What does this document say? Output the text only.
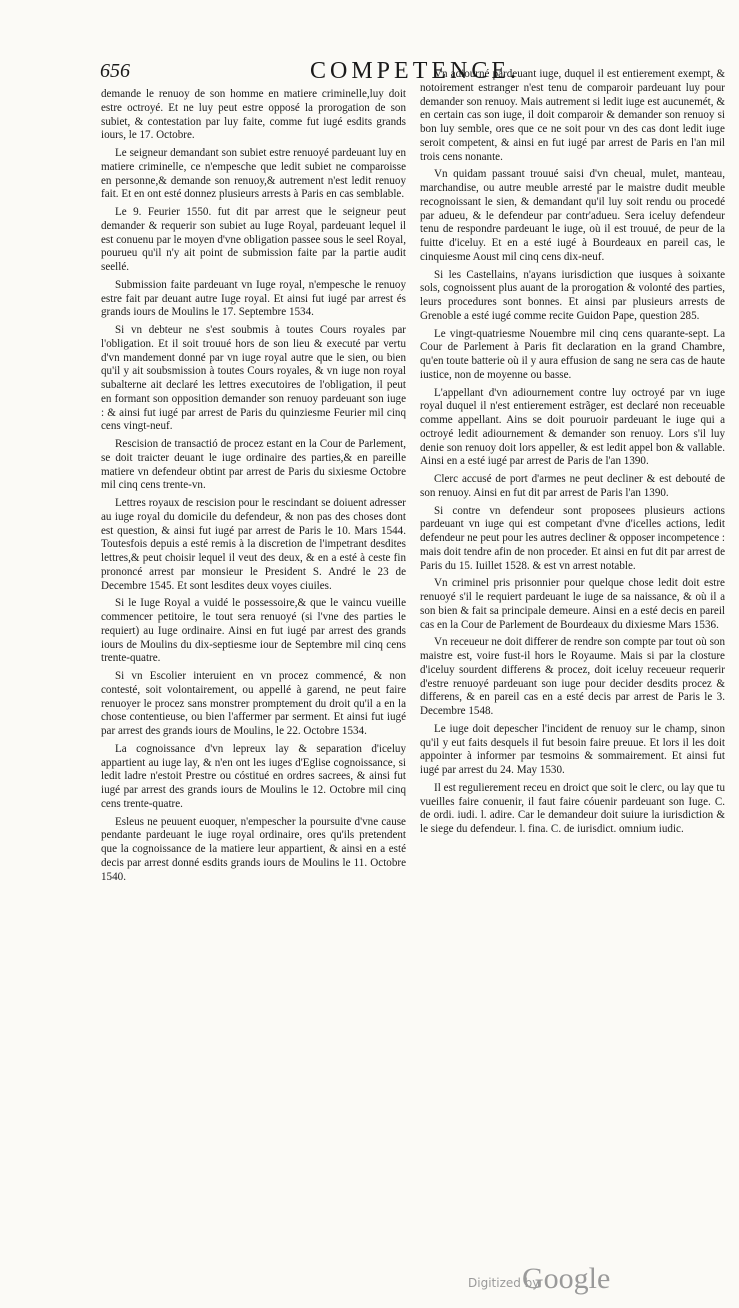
656	COMPETENCE.

demande le renuoy de son homme en matiere criminelle,luy doit estre octroyé. Et ne luy peut estre opposé la prorogation de son subiet, & contestation par luy faite, comme fut iugé esdits grands iours, le 17. Octobre.

Le seigneur demandant son subiet estre renuoyé pardeuant luy en matiere criminelle, ce n'empesche que ledit subiet ne comparoisse en personne,& demande son renuoy,& autrement n'est ledit renuoy fait. Et en ont esté donnez plusieurs arrests à Paris en cas semblable.

Le 9. Feurier 1550. fut dit par arrest que le seigneur peut demander & requerir son subiet au Iuge Royal, pardeuant lequel il est conuenu par le moyen d'vne obligation passee sous le seel Royal, pourueu qu'il n'y ait point de submission faite par la partie audit seellé.

Submission faite pardeuant vn Iuge royal, n'empesche le renuoy estre fait par deuant autre Iuge royal. Et ainsi fut iugé par arrest és grands iours de Moulins le 17. Septembre 1534.

Si vn debteur ne s'est soubmis à toutes Cours royales par l'obligation. Et il soit trouué hors de son lieu & executé par vertu d'vn mandement donné par vn iuge royal autre que le sien, ou bien qu'il y ait soubsmission à toutes Cours royales, & vn iuge non royal subalterne ait declaré les lettres executoires de l'obligation, il peut en formant son opposition demander son renuoy pardeuant son iuge : & ainsi fut iugé par arrest de Paris du quinziesme Feurier mil cinq cens vingt-neuf.

Rescision de transactió de procez estant en la Cour de Parlement, se doit traicter deuant le iuge ordinaire des parties,& en pareille matiere vn defendeur obtint par arrest de Paris du sixiesme Octobre mil cinq cens trente-vn.

Lettres royaux de rescision pour le rescindant se doiuent adresser au iuge royal du domicile du defendeur, & non pas des choses dont est question, & ainsi fut iugé par arrest de Paris le 10. Mars 1544. Toutesfois depuis a esté remis à la discretion de l'impetrant desdites lettres,& peut choisir lequel il veut des deux, & en a esté à ceste fin prononcé arrest par monsieur le President S. André le 23 de Decembre 1545. Et sont lesdites deux voyes ciuiles.

Si le Iuge Royal a vuidé le possessoire,& que le vaincu vueille commencer petitoire, le tout sera renuoyé (si l'vne des parties le requiert) au Iuge ordinaire. Ainsi en fut iugé par arrest des grands iours de Moulins du dix-septiesme iour de Septembre mil cinq cens trente-quatre.

Si vn Escolier interuient en vn procez commencé, & non contesté, soit volontairement, ou appellé à garend, ne peut faire renuoyer le procez sans monstrer promptement du droit qu'il a en la chose contentieuse, ou bien l'affermer par serment. Et ainsi fut iugé par arrest des grands iours de Moulins, le 22. Octobre 1534.

La cognoissance d'vn lepreux lay & separation d'iceluy appartient au iuge lay, & n'en ont les iuges d'Eglise cognoissance, si ledit ladre n'estoit Prestre ou cóstitué en ordres sacrees, & ainsi fut iugé par arrest des grands iours de Moulins le 12. Octobre mil cinq cens trente-quatre.

Esleus ne peuuent euoquer, n'empescher la poursuite d'vne cause pendante pardeuant le iuge royal ordinaire, ores qu'ils pretendent que la cognoissance de la matiere leur appartient, & ainsi en a esté decis par arrest donné esdits grands iours de Moulins le 11. Octobre 1540.

Vn adiourné pardeuant iuge, duquel il est entierement exempt, & notoirement estranger n'est tenu de comparoir pardeuant luy pour demander son renuoy. Mais autrement si ledit iuge est aucunemét, & en certain cas son iuge, il doit comparoir & demander son renuoy si bon luy semble, ores que ce ne soit pour vn des cas dont ledit iuge seroit competent, & ainsi en fut iugé par arrest de Paris en l'an mil trois cens nonante.

Vn quidam passant trouué saisi d'vn cheual, mulet, manteau, marchandise, ou autre meuble arresté par le maistre dudit meuble recognoissant le sien, & demandant qu'il luy soit rendu ou procedé par adueu, & le defendeur par contr'adueu. Sera iceluy defendeur tenu de respondre pardeuant le iuge, où il est trouué, de peur de la fuitte d'iceluy. Et en a esté iugé à Bourdeaux en pareil cas, le cinquiesme Aoust mil cinq cens dix-neuf.

Si les Castellains, n'ayans iurisdiction que iusques à soixante sols, cognoissent plus auant de la prorogation & volonté des parties, leurs procedures sont bonnes. Et ainsi par plusieurs arrests de Grenoble a esté iugé comme recite Guidon Pape, question 285.

Le vingt-quatriesme Nouembre mil cinq cens quarante-sept. La Cour de Parlement à Paris fit declaration en la grand Chambre, qu'en toute batterie où il y aura effusion de sang ne sera cas de haute iustice, non de moyenne ou basse.

L'appellant d'vn adiournement contre luy octroyé par vn iuge royal duquel il n'est entierement estrãger, est declaré non receuable comme appellant. Ains se doit pouruoir pardeuant le iuge qui a octroyé ledit adiournement & demander son renuoy. Lors s'il luy denie son renuoy doit lors appeller, & est ledit appel bon & vallable. Ainsi en a esté iugé par arrest de Paris de l'an 1390.

Clerc accusé de port d'armes ne peut decliner & est debouté de son renuoy. Ainsi en fut dit par arrest de Paris l'an 1390.

Si contre vn defendeur sont proposees plusieurs actions pardeuant vn iuge qui est competant d'vne d'icelles actions, ledit defendeur ne peut pour les autres decliner & opposer incompetence : mais doit tendre afin de non proceder. Et ainsi en fut dit par arrest de Paris du 15. Iuillet 1528. & est vn arrest notable.

Vn criminel pris prisonnier pour quelque chose ledit doit estre renuoyé s'il le requiert pardeuant le iuge de sa naissance, & où il a son bien & fait sa principale demeure. Ainsi en a esté decis en pareil cas en la Cour de Parlement de Bourdeaux du dixiesme Mars 1536.

Vn receueur ne doit differer de rendre son compte par tout où son maistre est, voire fust-il hors le Royaume. Mais si par la closture d'iceluy sourdent differens & procez, doit iceluy receueur requerir d'estre renuoyé pardeuant son iuge pour decider desdits procez & differens, & en pareil cas en a esté decis par arrest de Paris le 3. Decembre 1548.

Le iuge doit depescher l'incident de renuoy sur le champ, sinon qu'il y eut faits desquels il fut besoin faire preuue. Et lors il les doit appointer à informer par tesmoins & sommairement. Et ainsi fut iugé par arrest du 24. May 1530.

Il est regulierement receu en droict que soit le clerc, ou lay que tu vueilles faire conuenir, il faut faire cóuenir pardeuant son Iuge. C. de ordi. iudi. l. adire. Car le demandeur doit suiure la iurisdiction & le siege du defendeur. l. fina. C. de iurisdict. omnium iudic.

Digitized by
Google
